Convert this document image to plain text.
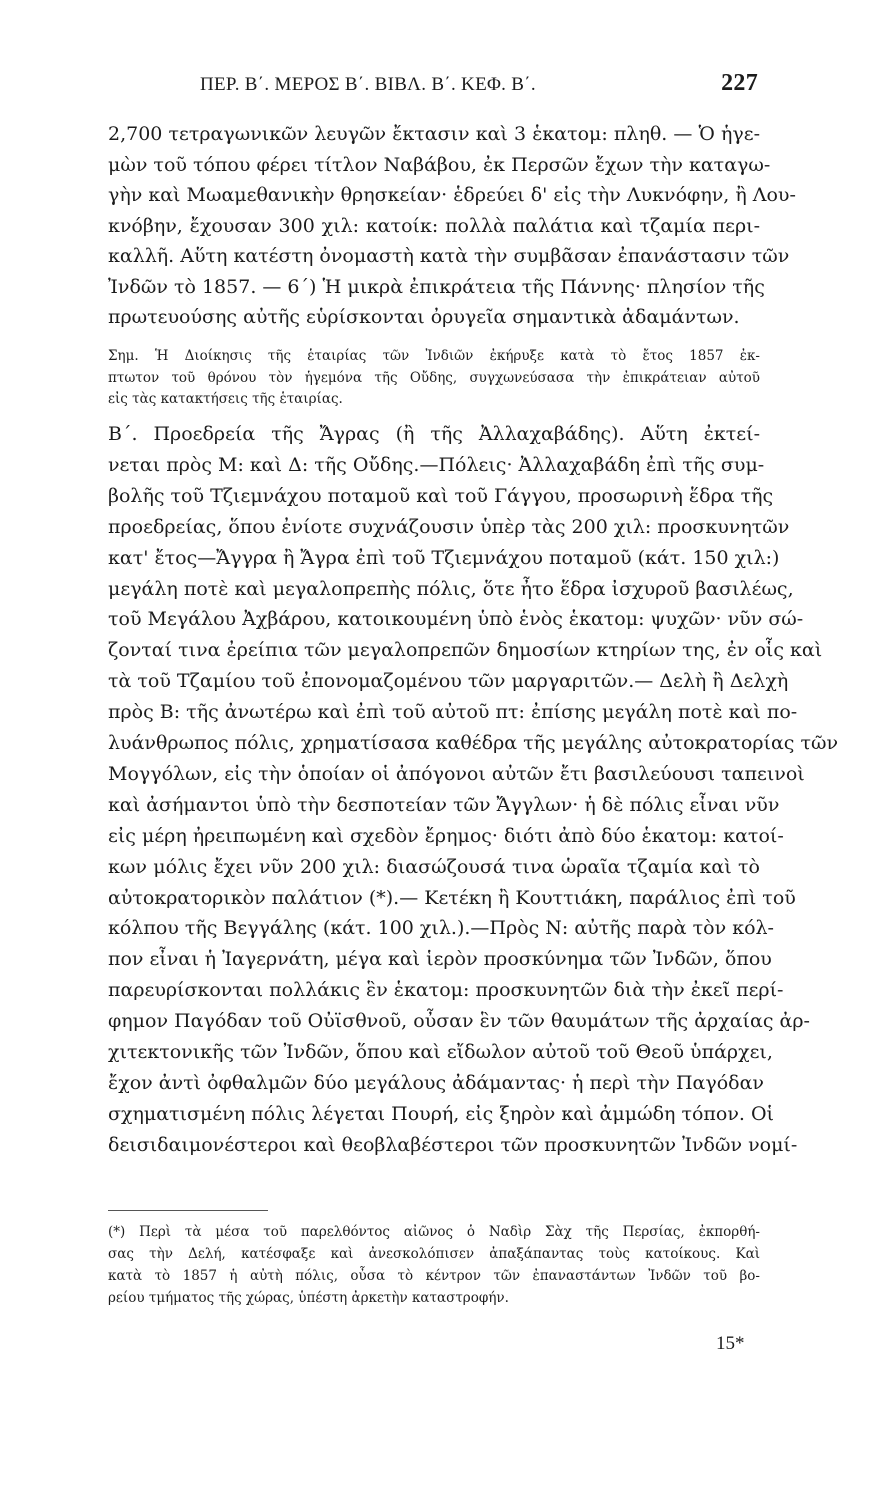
ΠΕΡ. Β΄. ΜΕΡΟΣ Β΄. ΒΙΒΛ. Β΄. ΚΕΦ. Β΄.	227
2,700 τετραγωνικῶν λευγῶν ἔκτασιν καὶ 3 ἑκατομ: πληθ. — Ὁ ἡγε-
μὼν τοῦ τόπου φέρει τίτλον Ναβάβου, ἐκ Περσῶν ἔχων τὴν καταγω-
γὴν καὶ Μωαμεθανικὴν θρησκείαν· ἑδρεύει δ' εἰς τὴν Λυκνόφην, ἢ Λου-
κνόβην, ἔχουσαν 300 χιλ: κατοίκ: πολλὰ παλάτια καὶ τζαμία περι-
καλλῆ. Αὕτη κατέστη ὀνομαστὴ κατὰ τὴν συμβᾶσαν ἐπανάστασιν τῶν
Ἰνδῶν τὸ 1857. — 6΄) Ἡ μικρὰ ἐπικράτεια τῆς Πάννης· πλησίον τῆς
πρωτευούσης αὐτῆς εὑρίσκονται ὀρυγεῖα σημαντικὰ ἀδαμάντων.
Σημ. Ἡ Διοίκησις τῆς ἑταιρίας τῶν Ἰνδιῶν ἐκήρυξε κατὰ τὸ ἔτος 1857 ἐκ-
πτωτον τοῦ θρόνου τὸν ἡγεμόνα τῆς Οὔδης, συγχωνεύσασα τὴν ἐπικράτειαν αὐτοῦ
εἰς τὰς κατακτήσεις τῆς ἑταιρίας.
Β΄. Προεδρεία τῆς Ἄγρας (ἢ τῆς Ἀλλαχαβάδης). Αὕτη ἐκτεί-
νεται πρὸς Μ: καὶ Δ: τῆς Οὔδης.—Πόλεις· Ἀλλαχαβάδη ἐπὶ τῆς συμ-
βολῆς τοῦ Τζιεμνάχου ποταμοῦ καὶ τοῦ Γάγγου, προσωρινὴ ἕδρα τῆς
προεδρείας, ὅπου ἐνίοτε συχνάζουσιν ὑπὲρ τὰς 200 χιλ: προσκυνητῶν
κατ' ἔτος—Ἄγγρα ἢ Ἄγρα ἐπὶ τοῦ Τζιεμνάχου ποταμοῦ (κάτ. 150 χιλ:)
μεγάλη ποτὲ καὶ μεγαλοπρεπὴς πόλις, ὅτε ἦτο ἕδρα ἰσχυροῦ βασιλέως,
τοῦ Μεγάλου Ἀχβάρου, κατοικουμένη ὑπὸ ἑνὸς ἑκατομ: ψυχῶν· νῦν σώ-
ζονταί τινα ἐρείπια τῶν μεγαλοπρεπῶν δημοσίων κτηρίων της, ἐν οἷς καὶ
τὰ τοῦ Τζαμίου τοῦ ἐπονομαζομένου τῶν μαργαριτῶν.— Δελὴ ἢ Δελχὴ
πρὸς Β: τῆς ἀνωτέρω καὶ ἐπὶ τοῦ αὐτοῦ πτ: ἐπίσης μεγάλη ποτὲ καὶ πο-
λυάνθρωπος πόλις, χρηματίσασα καθέδρα τῆς μεγάλης αὐτοκρατορίας τῶν
Μογγόλων, εἰς τὴν ὁποίαν οἱ ἀπόγονοι αὐτῶν ἔτι βασιλεύουσι ταπεινοὶ
καὶ ἀσήμαντοι ὑπὸ τὴν δεσποτείαν τῶν Ἄγγλων· ἡ δὲ πόλις εἶναι νῦν
εἰς μέρη ἠρειπωμένη καὶ σχεδὸν ἔρημος· διότι ἀπὸ δύο ἑκατομ: κατοί-
κων μόλις ἔχει νῦν 200 χιλ: διασώζουσά τινα ὡραῖα τζαμία καὶ τὸ
αὐτοκρατορικὸν παλάτιον (*).— Κετέκη ἢ Κουττιάκη, παράλιος ἐπὶ τοῦ
κόλπου τῆς Βεγγάλης (κάτ. 100 χιλ.).—Πρὸς Ν: αὐτῆς παρὰ τὸν κόλ-
πον εἶναι ἡ Ἰαγερνάτη, μέγα καὶ ἱερὸν προσκύνημα τῶν Ἰνδῶν, ὅπου
παρευρίσκονται πολλάκις ἓν ἑκατομ: προσκυνητῶν διὰ τὴν ἐκεῖ περί-
φημον Παγόδαν τοῦ Οὐϊσθνοῦ, οὖσαν ἓν τῶν θαυμάτων τῆς ἀρχαίας ἀρ-
χιτεκτονικῆς τῶν Ἰνδῶν, ὅπου καὶ εἴδωλον αὐτοῦ τοῦ Θεοῦ ὑπάρχει,
ἔχον ἀντὶ ὀφθαλμῶν δύο μεγάλους ἀδάμαντας· ἡ περὶ τὴν Παγόδαν
σχηματισμένη πόλις λέγεται Πουρή, εἰς ξηρὸν καὶ ἀμμώδη τόπον. Οἱ
δεισιδαιμονέστεροι καὶ θεοβλαβέστεροι τῶν προσκυνητῶν Ἰνδῶν νομί-
(*) Περὶ τὰ μέσα τοῦ παρελθόντος αἰῶνος ὁ Ναδὶρ Σὰχ τῆς Περσίας, ἐκπορθή-
σας τὴν Δελή, κατέσφαξε καὶ ἀνεσκολόπισεν ἀπαξάπαντας τοὺς κατοίκους. Καὶ
κατὰ τὸ 1857 ἡ αὐτὴ πόλις, οὖσα τὸ κέντρον τῶν ἐπαναστάντων Ἰνδῶν τοῦ βο-
ρείου τμήματος τῆς χώρας, ὑπέστη ἀρκετὴν καταστροφήν.
15*
